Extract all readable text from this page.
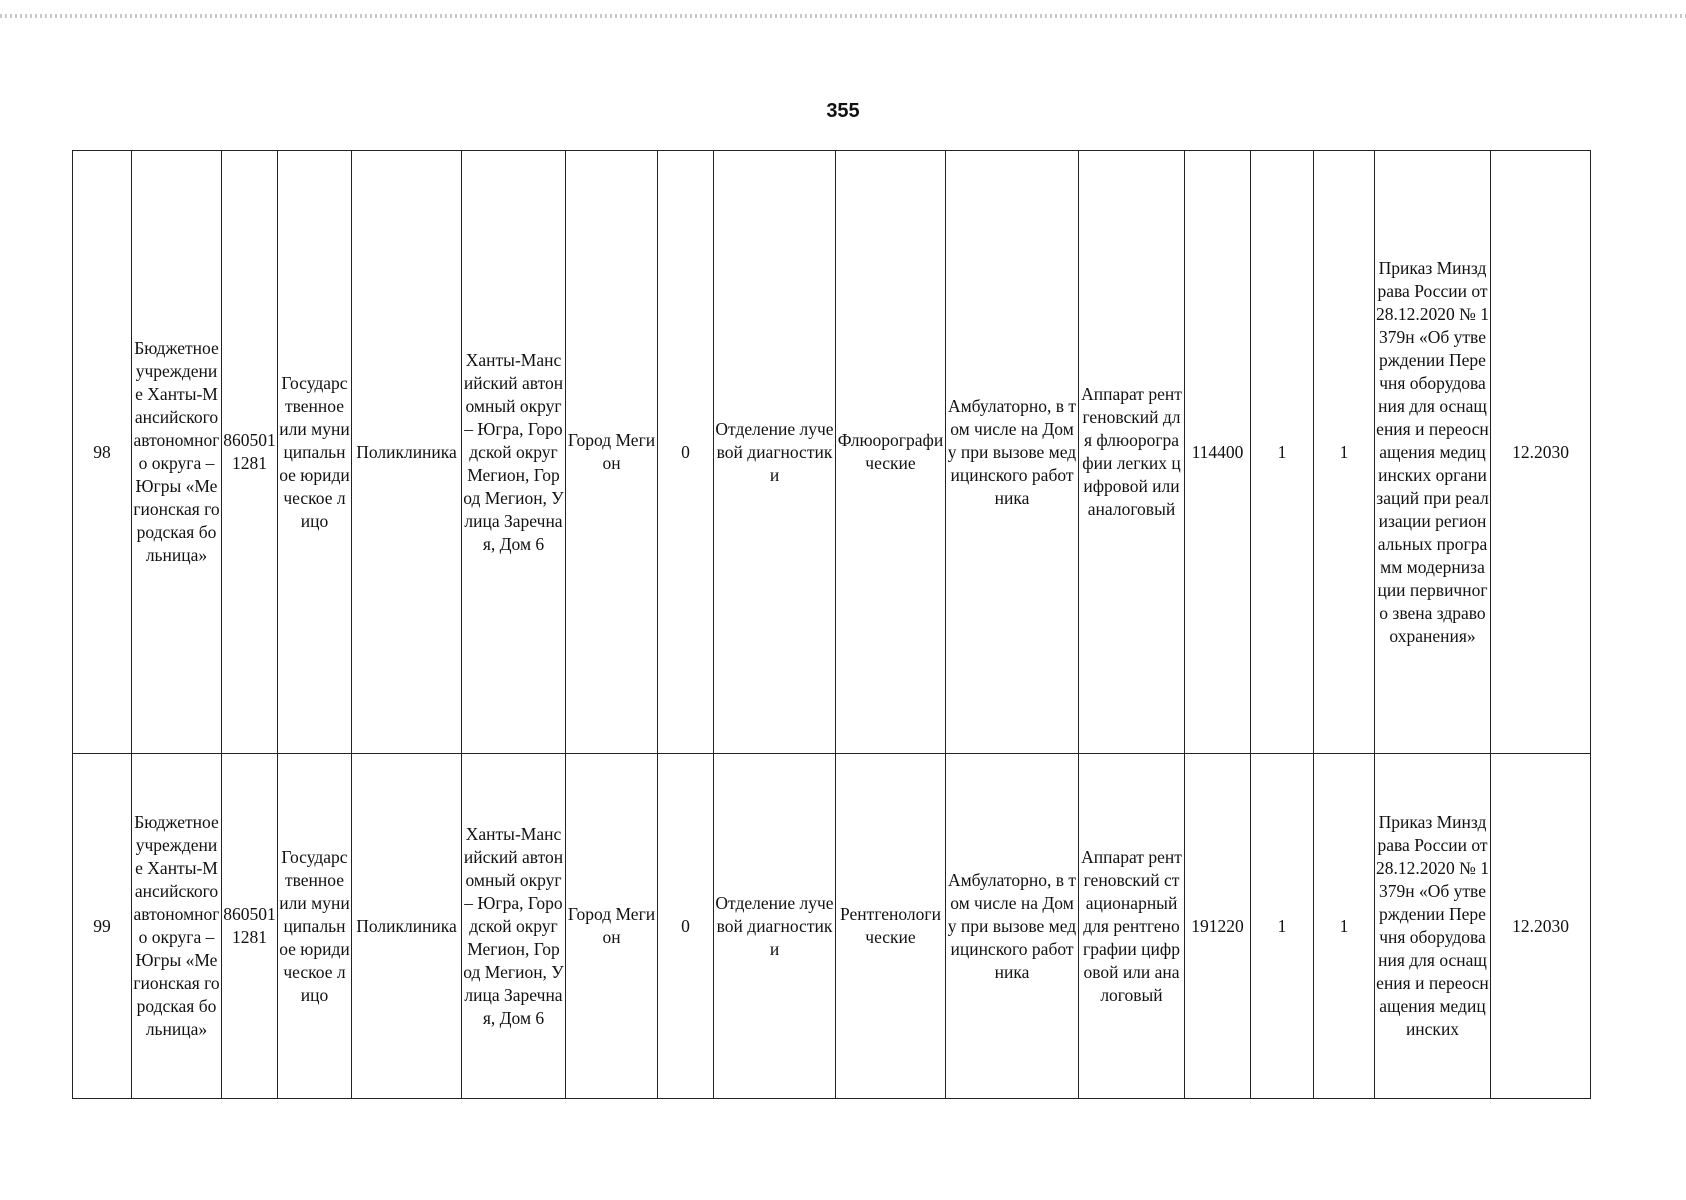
355
98	Бюджетное учреждение Ханты-Мансийского автономного округа – Югры «Мегионская городская больница»	8605011281	Государственное или муниципальное юридическое лицо	Поликлиника	Ханты-Мансийский автономный округ – Югра, Городской округ Мегион, Город Мегион, Улица Заречная, Дом 6	Город Мегион	0	Отделение лучевой диагностики	Флюорографические	Амбулаторно, в том числе на Дому при вызове медицинского работника	Аппарат рентгеновский для флюорографии легких цифровой или аналоговый	114400	1	1	Приказ Минздрава России от 28.12.2020 № 1379н «Об утверждении Перечня оборудования для оснащения и переоснащения медицинских организаций при реализации региональных программ модернизации первичного звена здравоохранения»	12.2030
99	Бюджетное учреждение Ханты-Мансийского автономного округа – Югры «Мегионская городская больница»	8605011281	Государственное или муниципальное юридическое лицо	Поликлиника	Ханты-Мансийский автономный округ – Югра, Городской округ Мегион, Город Мегион, Улица Заречная, Дом 6	Город Мегион	0	Отделение лучевой диагностики	Рентгенологические	Амбулаторно, в том числе на Дому при вызове медицинского работника	Аппарат рентгеновский стационарный для рентгенографии цифровой или аналоговый	191220	1	1	Приказ Минздрава России от 28.12.2020 № 1379н «Об утверждении Перечня оборудования для оснащения и переоснащения медицинских	12.2030
